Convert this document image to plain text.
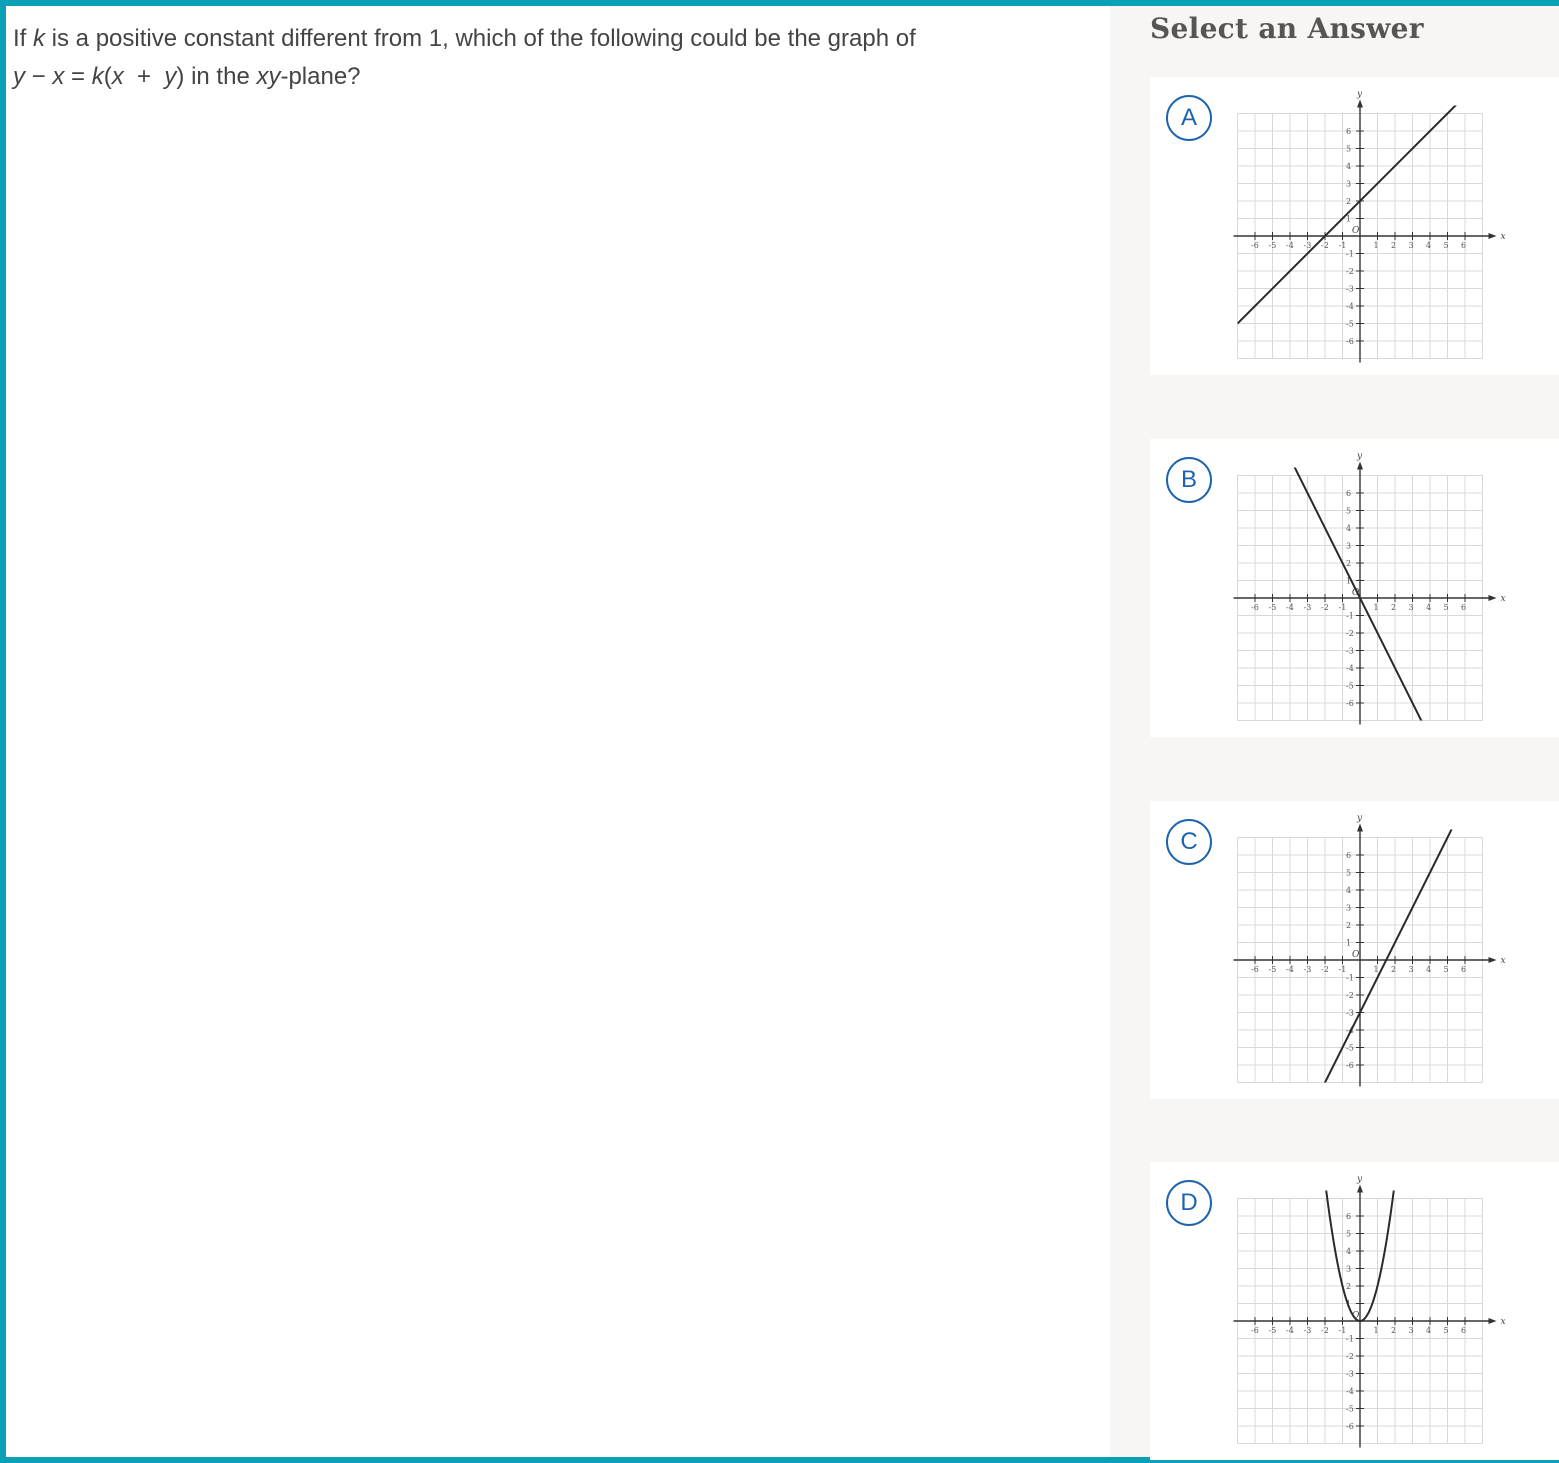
If k is a positive constant different from 1, which of the following could be the graph of
y − x = k(x  +  y) in the xy-plane?
Select an Answer
A
x
y
O
-6 -5 -4 -3 -2 -1	1 2 3 4 5 6
6
5
4
3
2
1
-1
-2
-3
-4
-5
-6
B
x
y
O
-6 -5 -4 -3 -2 -1	1 2 3 4 5 6
6
5
4
3
2
1
-1
-2
-3
-4
-5
-6
C
x
y
O
-6 -5 -4 -3 -2 -1	1 2 3 4 5 6
6
5
4
3
2
1
-1
-2
-3
-4
-5
-6
D
x
y
O
-6 -5 -4 -3 -2 -1	1 2 3 4 5 6
6
5
4
3
2
1
-1
-2
-3
-4
-5
-6
